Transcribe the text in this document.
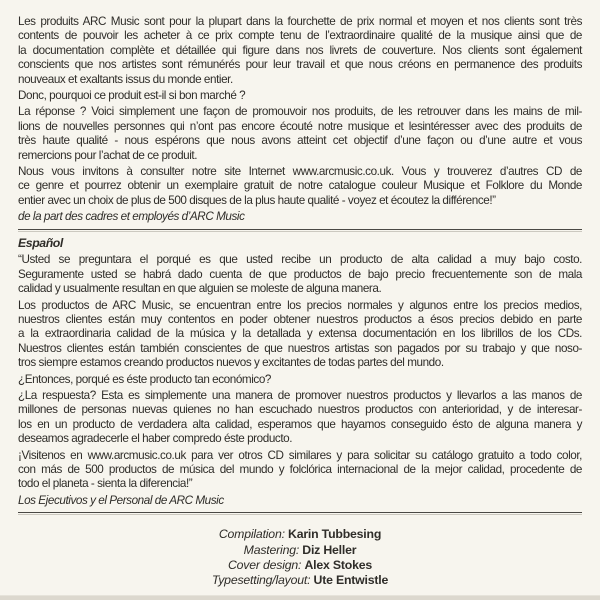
Les produits ARC Music sont pour la plupart dans la fourchette de prix normal et moyen et nos clients sont très
contents de pouvoir les acheter à ce prix compte tenu de l’extraordinaire qualité de la musique ainsi que de
la documentation complète et détaillée qui figure dans nos livrets de couverture. Nos clients sont également
conscients que nos artistes sont rémunérés pour leur travail et que nous créons en permanence des produits
nouveaux et exaltants issus du monde entier.
Donc, pourquoi ce produit est-il si bon marché ?
La réponse ? Voici simplement une façon de promouvoir nos produits, de les retrouver dans les mains de mil-
lions de nouvelles personnes qui n’ont pas encore écouté notre musique et lesintéresser avec des produits de
très haute qualité - nous espérons que nous avons atteint cet objectif d’une façon ou d’une autre et vous
remercions pour l’achat de ce produit.
Nous vous invitons à consulter notre site Internet www.arcmusic.co.uk. Vous y trouverez d’autres CD de
ce genre et pourrez obtenir un exemplaire gratuit de notre catalogue couleur Musique et Folklore du Monde
entier avec un choix de plus de 500 disques de la plus haute qualité - voyez et écoutez la différence!”
de la part des cadres et employés d’ARC Music
Español
“Usted se preguntara el porqué es que usted recibe un producto de alta calidad a muy bajo costo.
Seguramente usted se habrá dado cuenta de que productos de bajo precio frecuentemente son de mala
calidad y usualmente resultan en que alguien se moleste de alguna manera.
Los productos de ARC Music, se encuentran entre los precios normales y algunos entre los precios medios,
nuestros clientes están muy contentos en poder obtener nuestros productos a ésos precios debido en parte
a la extraordinaria calidad de la música y la detallada y extensa documentación en los librillos de los CDs.
Nuestros clientes están también conscientes de que nuestros artistas son pagados por su trabajo y que noso-
tros siempre estamos creando productos nuevos y excitantes de todas partes del mundo.
¿Entonces, porqué es éste producto tan económico?
¿La respuesta? Esta es simplemente una manera de promover nuestros productos y llevarlos a las manos de
millones de personas nuevas quienes no han escuchado nuestros productos con anterioridad, y de interesar-
los en un producto de verdadera alta calidad, esperamos que hayamos conseguido ésto de alguna manera y
deseamos agradecerle el haber compredo éste producto.
¡Visitenos en www.arcmusic.co.uk para ver otros CD similares y para solicitar su catálogo gratuito a todo color,
con más de 500 productos de música del mundo y folclórica internacional de la mejor calidad, procedente de
todo el planeta - sienta la diferencia!”
Los Ejecutivos y el Personal de ARC Music
Compilation: Karin Tubbesing
Mastering: Diz Heller
Cover design: Alex Stokes
Typesetting/layout: Ute Entwistle
